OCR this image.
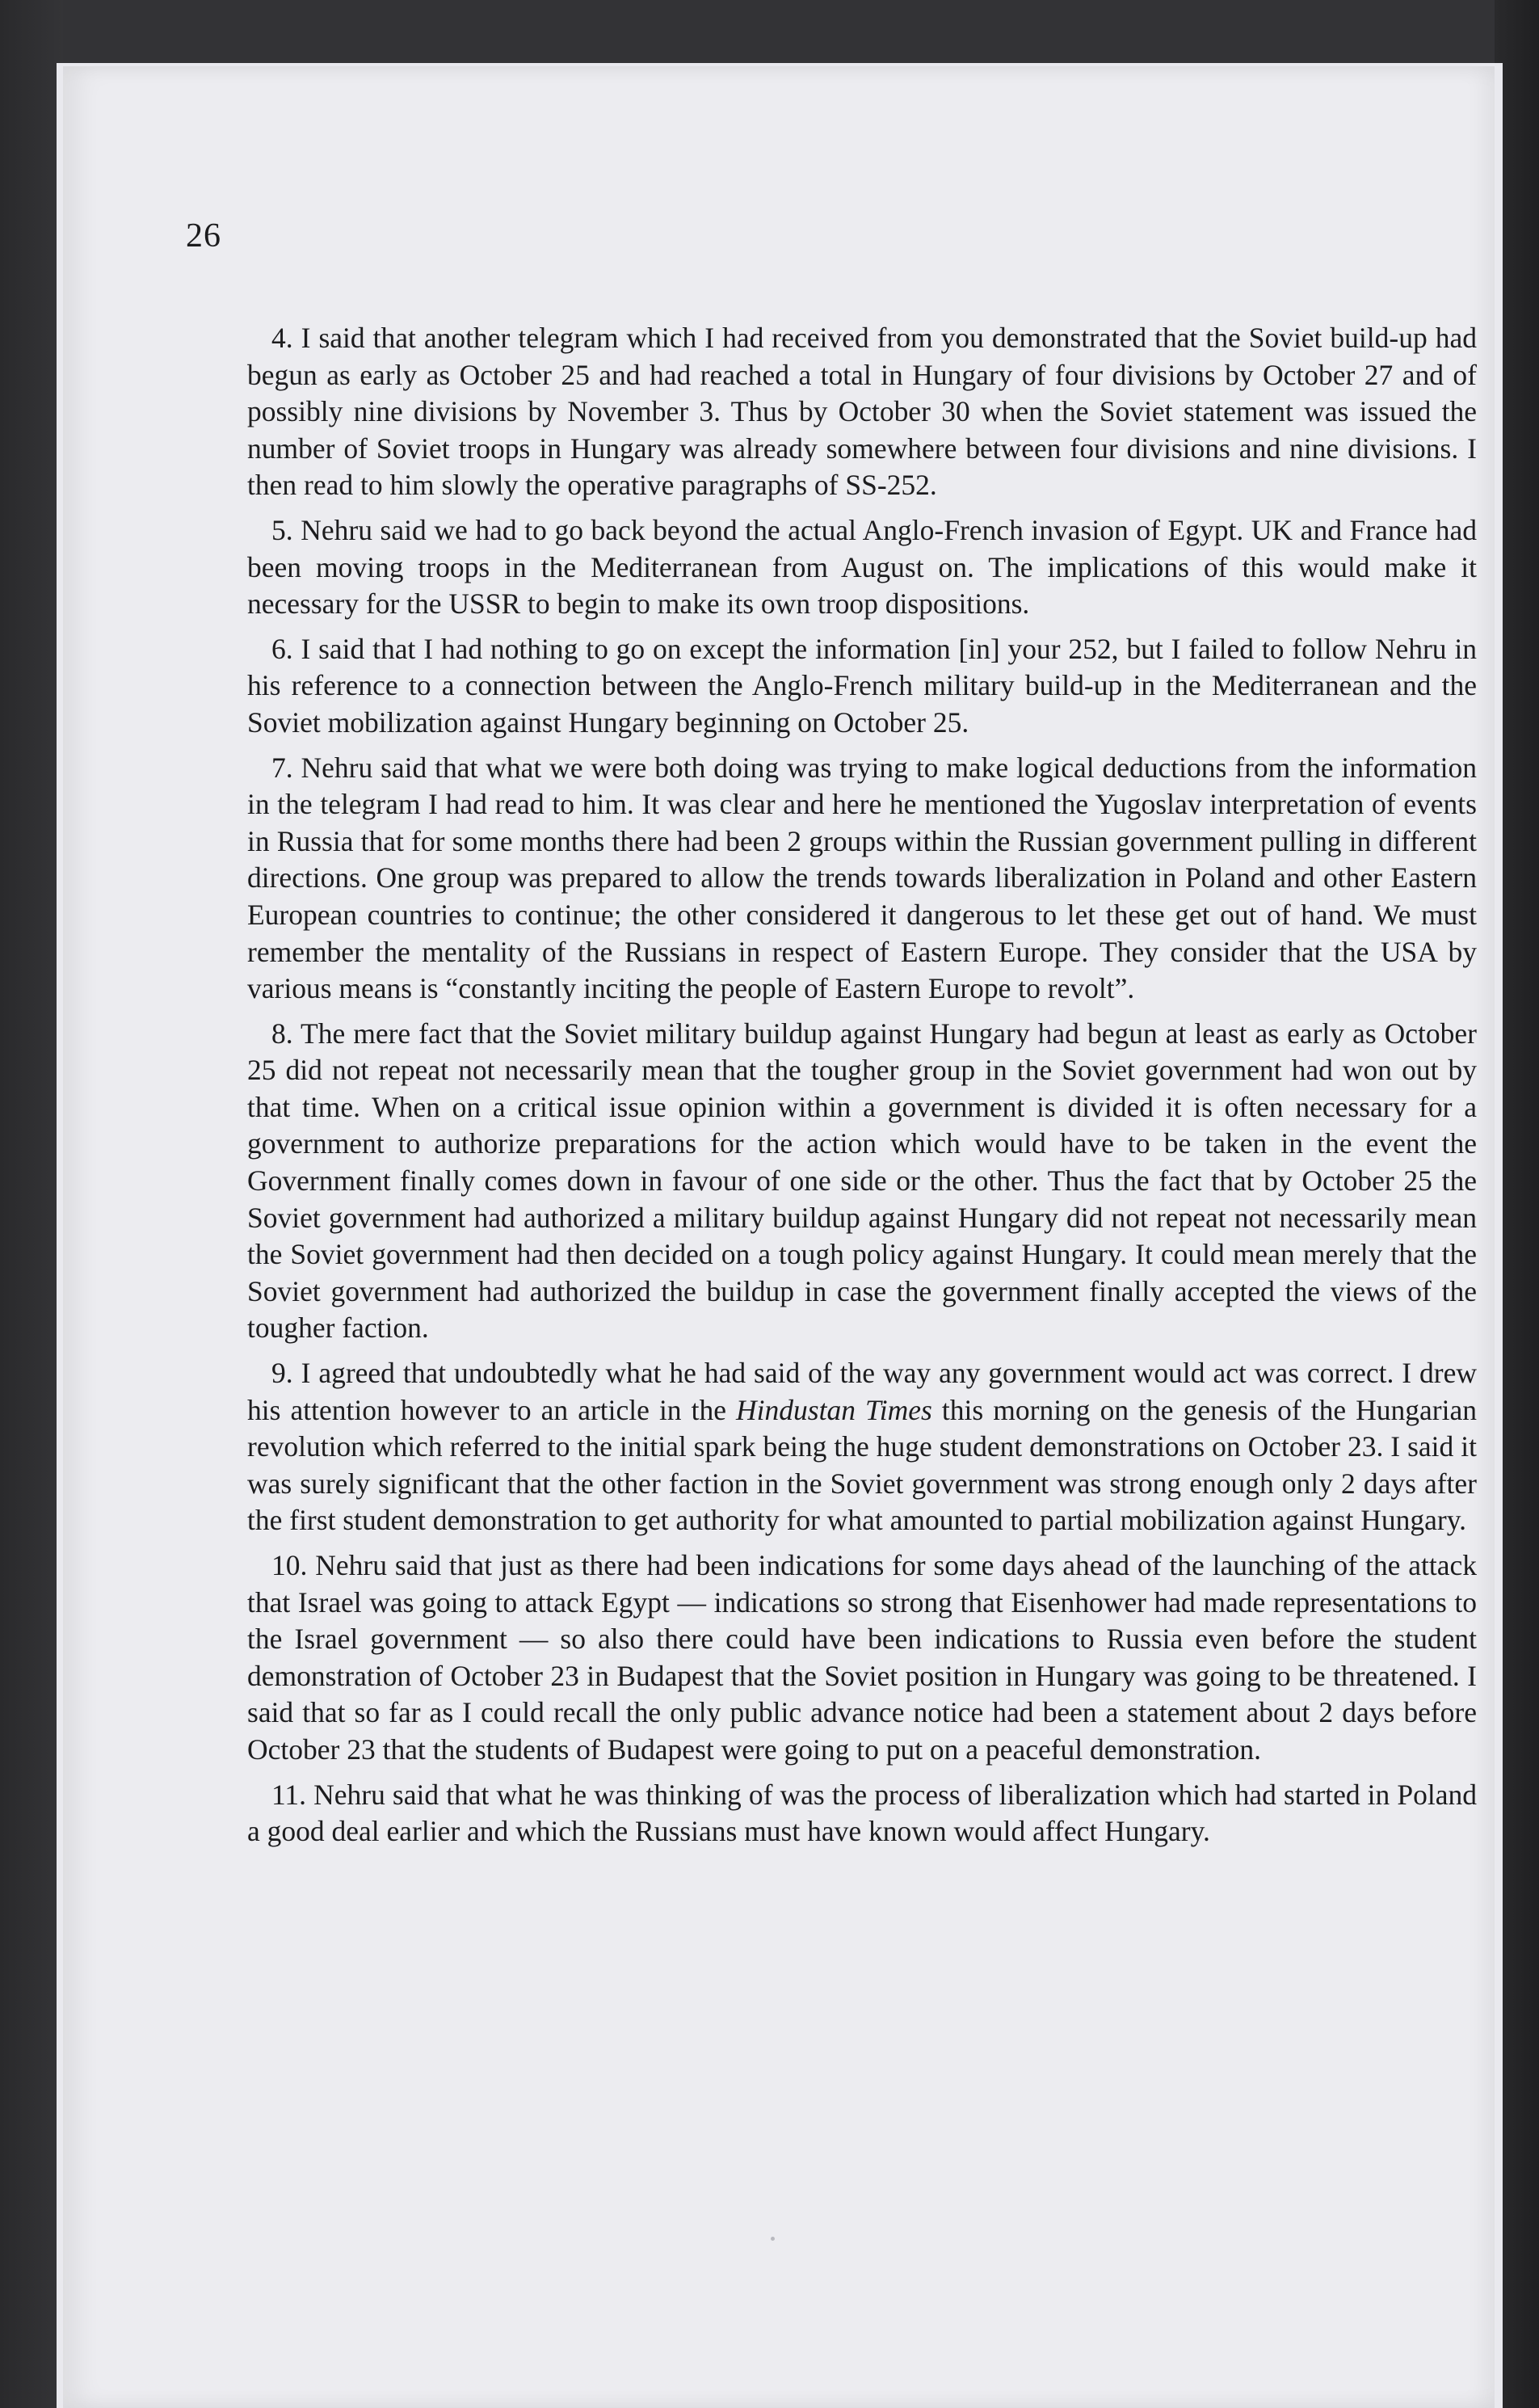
26

4. I said that another telegram which I had received from you demonstrated that the Soviet build-up had begun as early as October 25 and had reached a total in Hungary of four divisions by October 27 and of possibly nine divisions by November 3. Thus by October 30 when the Soviet statement was issued the number of Soviet troops in Hungary was already somewhere between four divisions and nine divisions. I then read to him slowly the operative paragraphs of SS-252.

5. Nehru said we had to go back beyond the actual Anglo-French invasion of Egypt. UK and France had been moving troops in the Mediterranean from August on. The implications of this would make it necessary for the USSR to begin to make its own troop dispositions.

6. I said that I had nothing to go on except the information [in] your 252, but I failed to follow Nehru in his reference to a connection between the Anglo-French military build-up in the Mediterranean and the Soviet mobilization against Hungary beginning on October 25.

7. Nehru said that what we were both doing was trying to make logical deductions from the information in the telegram I had read to him. It was clear and here he mentioned the Yugoslav interpretation of events in Russia that for some months there had been 2 groups within the Russian government pulling in different directions. One group was prepared to allow the trends towards liberalization in Poland and other Eastern European countries to continue; the other considered it dangerous to let these get out of hand. We must remember the mentality of the Russians in respect of Eastern Europe. They consider that the USA by various means is “constantly inciting the people of Eastern Europe to revolt”.

8. The mere fact that the Soviet military buildup against Hungary had begun at least as early as October 25 did not repeat not necessarily mean that the tougher group in the Soviet government had won out by that time. When on a critical issue opinion within a government is divided it is often necessary for a government to authorize preparations for the action which would have to be taken in the event the Government finally comes down in favour of one side or the other. Thus the fact that by October 25 the Soviet government had authorized a military buildup against Hungary did not repeat not necessarily mean the Soviet government had then decided on a tough policy against Hungary. It could mean merely that the Soviet government had authorized the buildup in case the government finally accepted the views of the tougher faction.

9. I agreed that undoubtedly what he had said of the way any government would act was correct. I drew his attention however to an article in the Hindustan Times this morning on the genesis of the Hungarian revolution which referred to the initial spark being the huge student demonstrations on October 23. I said it was surely significant that the other faction in the Soviet government was strong enough only 2 days after the first student demonstration to get authority for what amounted to partial mobilization against Hungary.

10. Nehru said that just as there had been indications for some days ahead of the launching of the attack that Israel was going to attack Egypt — indications so strong that Eisenhower had made representations to the Israel government — so also there could have been indications to Russia even before the student demonstration of October 23 in Budapest that the Soviet position in Hungary was going to be threatened. I said that so far as I could recall the only public advance notice had been a statement about 2 days before October 23 that the students of Budapest were going to put on a peaceful demonstration.

11. Nehru said that what he was thinking of was the process of liberalization which had started in Poland a good deal earlier and which the Russians must have known would affect Hungary.
